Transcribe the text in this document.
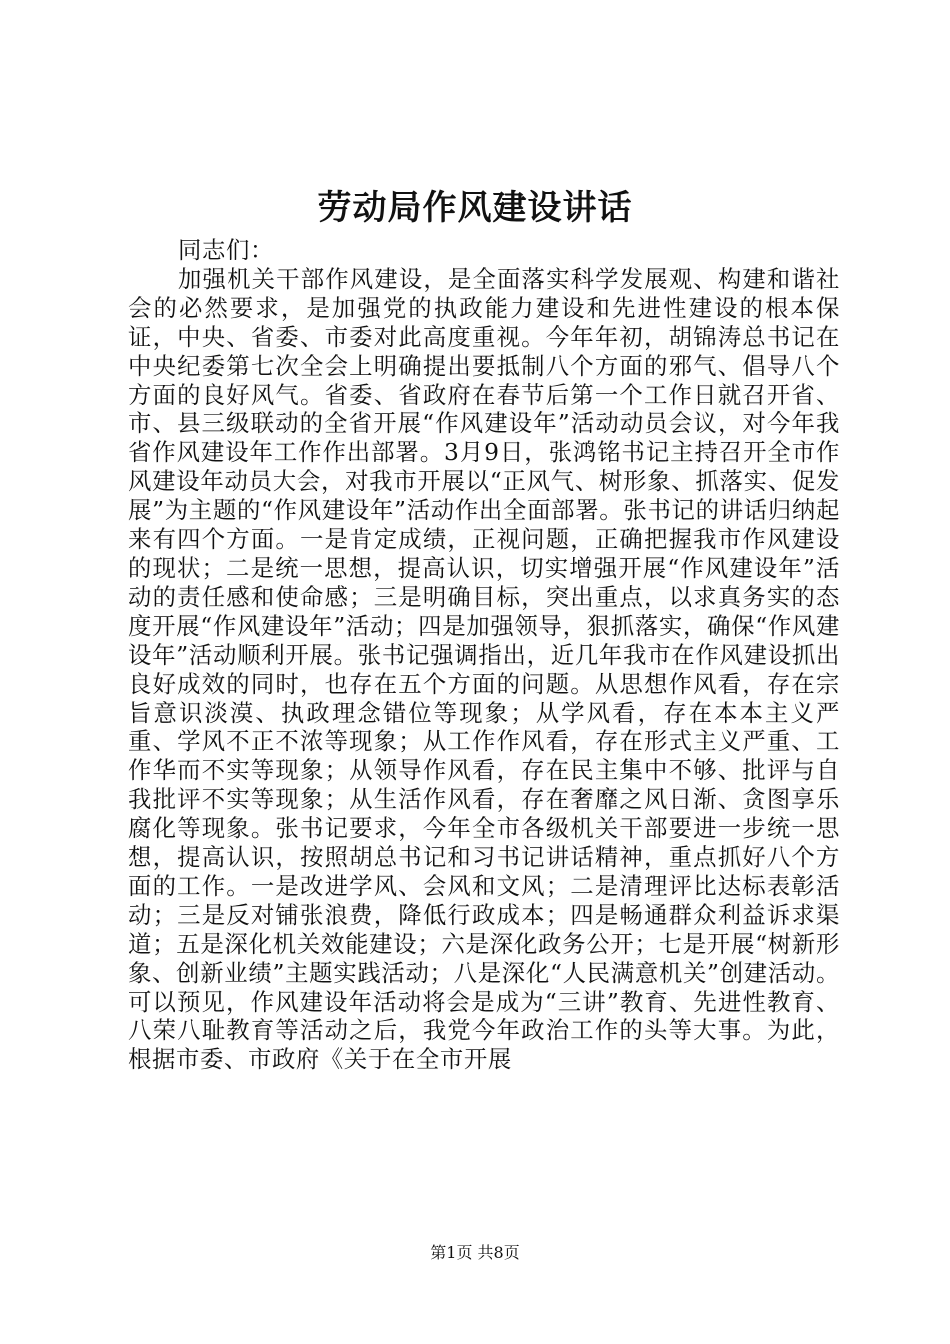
劳动局作风建设讲话

同志们：

加强机关干部作风建设，是全面落实科学发展观、构建和谐社会的必然要求，是加强党的执政能力建设和先进性建设的根本保证，中央、省委、市委对此高度重视。今年年初，胡锦涛总书记在中央纪委第七次全会上明确提出要抵制八个方面的邪气、倡导八个方面的良好风气。省委、省政府在春节后第一个工作日就召开省、市、县三级联动的全省开展“作风建设年”活动动员会议，对今年我省作风建设年工作作出部署。3月9日，张鸿铭书记主持召开全市作风建设年动员大会，对我市开展以“正风气、树形象、抓落实、促发展”为主题的“作风建设年”活动作出全面部署。张书记的讲话归纳起来有四个方面。一是肯定成绩，正视问题，正确把握我市作风建设的现状；二是统一思想，提高认识，切实增强开展“作风建设年”活动的责任感和使命感；三是明确目标，突出重点，以求真务实的态度开展“作风建设年”活动；四是加强领导，狠抓落实，确保“作风建设年”活动顺利开展。张书记强调指出，近几年我市在作风建设抓出良好成效的同时，也存在五个方面的问题。从思想作风看，存在宗旨意识淡漠、执政理念错位等现象；从学风看，存在本本主义严重、学风不正不浓等现象；从工作作风看，存在形式主义严重、工作华而不实等现象；从领导作风看，存在民主集中不够、批评与自我批评不实等现象；从生活作风看，存在奢靡之风日渐、贪图享乐腐化等现象。张书记要求，今年全市各级机关干部要进一步统一思想，提高认识，按照胡总书记和习书记讲话精神，重点抓好八个方面的工作。一是改进学风、会风和文风；二是清理评比达标表彰活动；三是反对铺张浪费，降低行政成本；四是畅通群众利益诉求渠道；五是深化机关效能建设；六是深化政务公开；七是开展“树新形象、创新业绩”主题实践活动；八是深化“人民满意机关”创建活动。可以预见，作风建设年活动将会是成为“三讲”教育、先进性教育、八荣八耻教育等活动之后，我党今年政治工作的头等大事。为此，根据市委、市政府《关于在全市开展

第1页 共8页
